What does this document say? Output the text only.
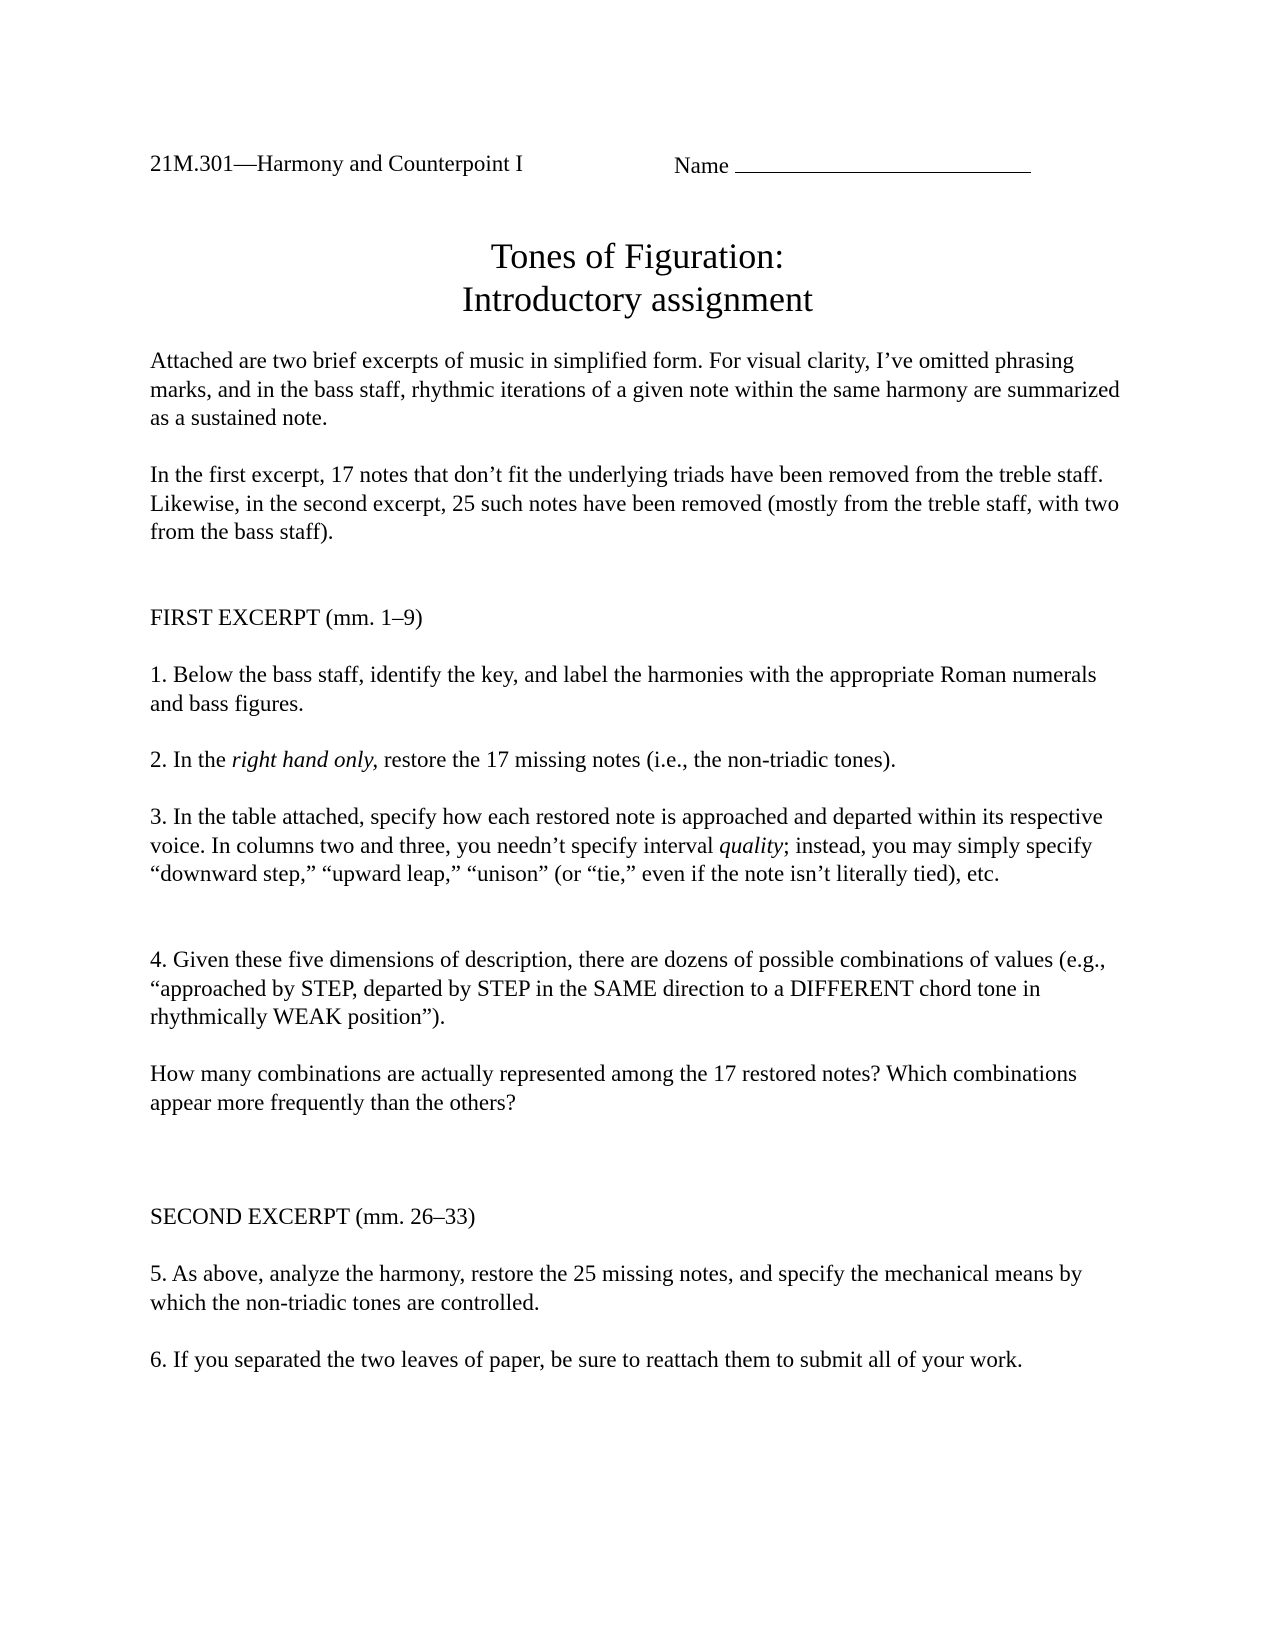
21M.301—Harmony and Counterpoint I	Name
Tones of Figuration:
Introductory assignment

Attached are two brief excerpts of music in simplified form. For visual clarity, I’ve omitted phrasing marks, and in the bass staff, rhythmic iterations of a given note within the same harmony are summarized as a sustained note.

In the first excerpt, 17 notes that don’t fit the underlying triads have been removed from the treble staff. Likewise, in the second excerpt, 25 such notes have been removed (mostly from the treble staff, with two from the bass staff).

FIRST EXCERPT (mm. 1–9)

1. Below the bass staff, identify the key, and label the harmonies with the appropriate Roman numerals and bass figures.

2. In the right hand only, restore the 17 missing notes (i.e., the non-triadic tones).

3. In the table attached, specify how each restored note is approached and departed within its respective voice. In columns two and three, you needn’t specify interval quality; instead, you may simply specify “downward step,” “upward leap,” “unison” (or “tie,” even if the note isn’t literally tied), etc.

4. Given these five dimensions of description, there are dozens of possible combinations of values (e.g., “approached by STEP, departed by STEP in the SAME direction to a DIFFERENT chord tone in rhythmically WEAK position”).

How many combinations are actually represented among the 17 restored notes? Which combinations appear more frequently than the others?

SECOND EXCERPT (mm. 26–33)

5. As above, analyze the harmony, restore the 25 missing notes, and specify the mechanical means by which the non-triadic tones are controlled.

6. If you separated the two leaves of paper, be sure to reattach them to submit all of your work.
